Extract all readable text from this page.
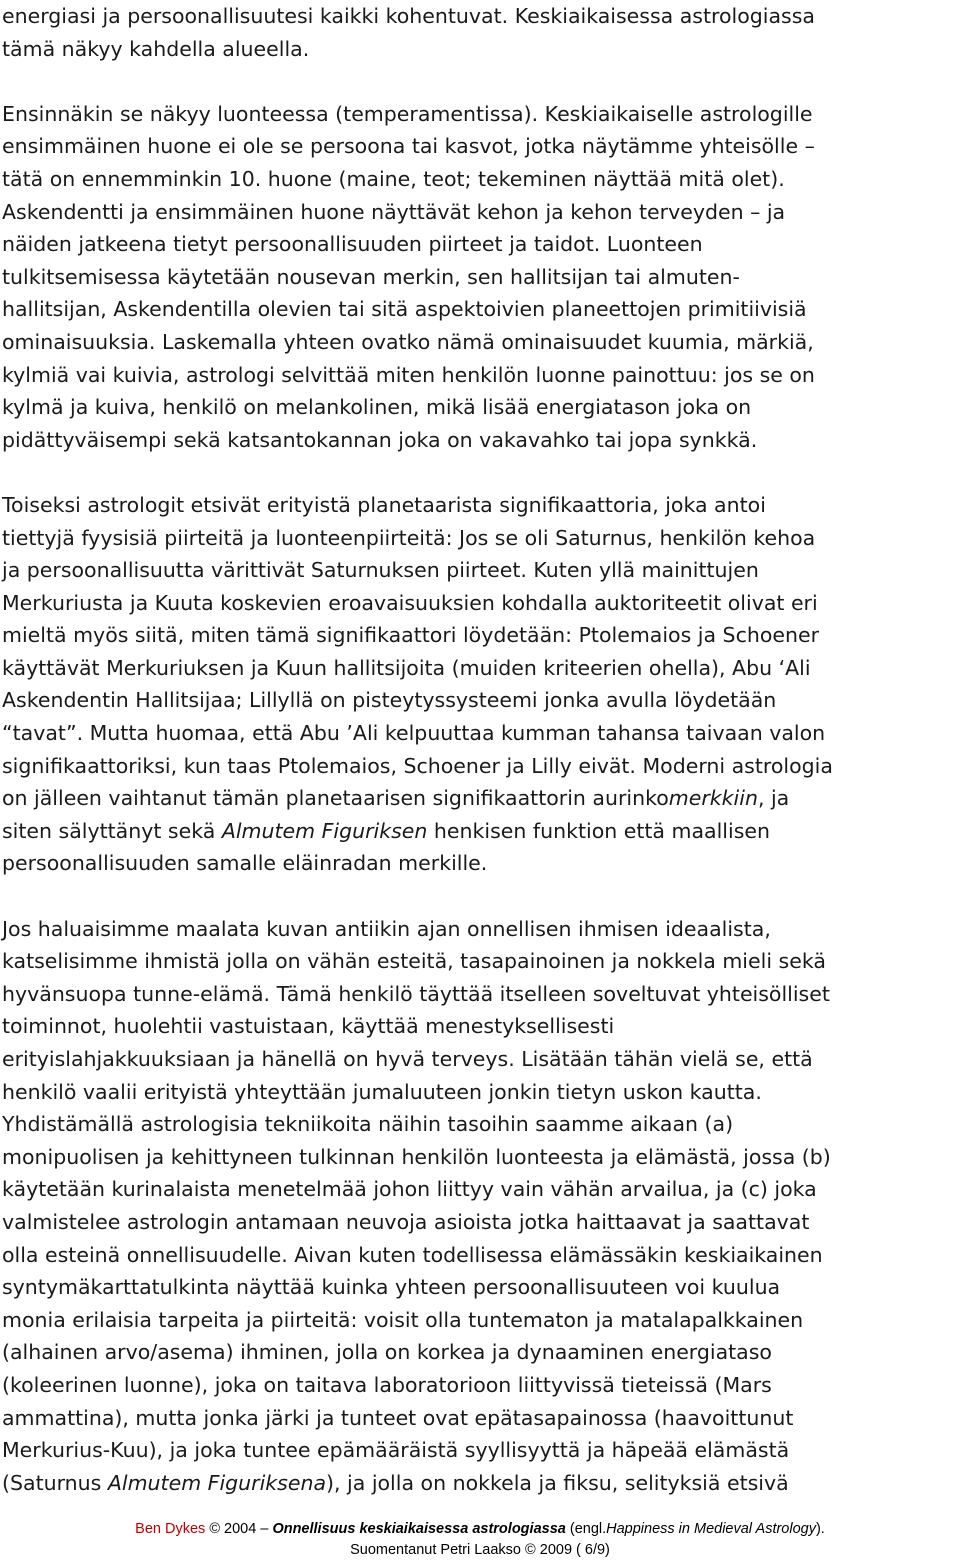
energiasi ja persoonallisuutesi kaikki kohentuvat. Keskiaikaisessa astrologiassa
tämä näkyy kahdella alueella.
Ensinnäkin se näkyy luonteessa (temperamentissa). Keskiaikaiselle astrologille
ensimmäinen huone ei ole se persoona tai kasvot, jotka näytämme yhteisölle –
tätä on ennemminkin 10. huone (maine, teot; tekeminen näyttää mitä olet).
Askendentti ja ensimmäinen huone näyttävät kehon ja kehon terveyden – ja
näiden jatkeena tietyt persoonallisuuden piirteet ja taidot. Luonteen
tulkitsemisessa käytetään nousevan merkin, sen hallitsijan tai almuten-
hallitsijan, Askendentilla olevien tai sitä aspektoivien planeettojen primitiivisiä
ominaisuuksia. Laskemalla yhteen ovatko nämä ominaisuudet kuumia, märkiä,
kylmiä vai kuivia, astrologi selvittää miten henkilön luonne painottuu: jos se on
kylmä ja kuiva, henkilö on melankolinen, mikä lisää energiatason joka on
pidättyväisempi sekä katsantokannan joka on vakavahko tai jopa synkkä.
Toiseksi astrologit etsivät erityistä planetaarista signifikaattoria, joka antoi
tiettyjä fyysisiä piirteitä ja luonteenpiirteitä: Jos se oli Saturnus, henkilön kehoa
ja persoonallisuutta värittivät Saturnuksen piirteet. Kuten yllä mainittujen
Merkuriusta ja Kuuta koskevien eroavaisuuksien kohdalla auktoriteetit olivat eri
mieltä myös siitä, miten tämä signifikaattori löydetään: Ptolemaios ja Schoener
käyttävät Merkuriuksen ja Kuun hallitsijoita (muiden kriteerien ohella), Abu ‘Ali
Askendentin Hallitsijaa; Lillyllä on pisteytyssysteemi jonka avulla löydetään
“tavat”. Mutta huomaa, että Abu ’Ali kelpuuttaa kumman tahansa taivaan valon
signifikaattoriksi, kun taas Ptolemaios, Schoener ja Lilly eivät. Moderni astrologia
on jälleen vaihtanut tämän planetaarisen signifikaattorin aurinkomerkkiin, ja
siten sälyttänyt sekä Almutem Figuriksen henkisen funktion että maallisen
persoonallisuuden samalle eläinradan merkille.
Jos haluaisimme maalata kuvan antiikin ajan onnellisen ihmisen ideaalista,
katselisimme ihmistä jolla on vähän esteitä, tasapainoinen ja nokkela mieli sekä
hyvänsuopa tunne-elämä. Tämä henkilö täyttää itselleen soveltuvat yhteisölliset
toiminnot, huolehtii vastuistaan, käyttää menestyksellisesti
erityislahjakkuuksiaan ja hänellä on hyvä terveys. Lisätään tähän vielä se, että
henkilö vaalii erityistä yhteyttään jumaluuteen jonkin tietyn uskon kautta.
Yhdistämällä astrologisia tekniikoita näihin tasoihin saamme aikaan (a)
monipuolisen ja kehittyneen tulkinnan henkilön luonteesta ja elämästä, jossa (b)
käytetään kurinalaista menetelmää johon liittyy vain vähän arvailua, ja (c) joka
valmistelee astrologin antamaan neuvoja asioista jotka haittaavat ja saattavat
olla esteinä onnellisuudelle. Aivan kuten todellisessa elämässäkin keskiaikainen
syntymäkarttatulkinta näyttää kuinka yhteen persoonallisuuteen voi kuulua
monia erilaisia tarpeita ja piirteitä: voisit olla tuntematon ja matalapalkkainen
(alhainen arvo/asema) ihminen, jolla on korkea ja dynaaminen energiataso
(koleerinen luonne), joka on taitava laboratorioon liittyvissä tieteissä (Mars
ammattina), mutta jonka järki ja tunteet ovat epätasapainossa (haavoittunut
Merkurius-Kuu), ja joka tuntee epämääräistä syyllisyyttä ja häpeää elämästä
(Saturnus Almutem Figuriksena), ja jolla on nokkela ja fiksu, selityksiä etsivä
Ben Dykes © 2004 – Onnellisuus keskiaikaisessa astrologiassa (engl.Happiness in Medieval Astrology).
Suomentanut Petri Laakso © 2009 ( 6/9)
